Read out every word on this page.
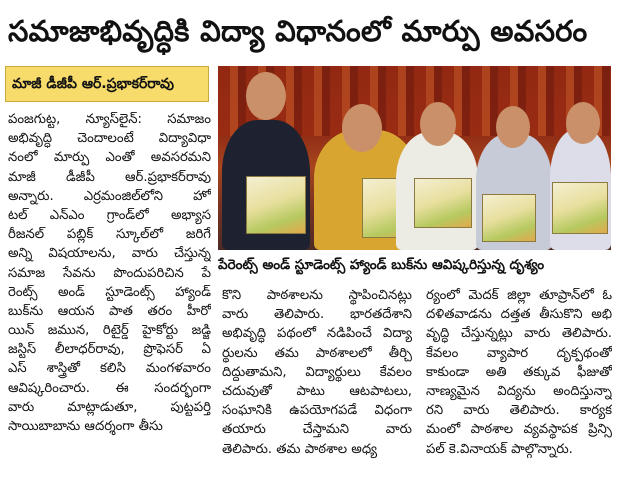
సమాజాభివృద్ధికి విద్యా విధానంలో మార్పు అవసరం
మాజీ డీజీపీ ఆర్.ప్రభాకర్‌రావు
పంజగుట్ట, న్యూస్‌లైన్: సమాజం
అభివృద్ధి చెందాలంటే విద్యావిధా
నంలో మార్పు ఎంతో అవసరమని
మాజీ డీజీపీ ఆర్.ప్రభాకర్‌రావు
అన్నారు. ఎర్రమంజిల్‌లోని హో
టల్ ఎన్‌ఎం గ్రాండ్‌లో అభ్యాస
రీజనల్ పబ్లిక్ స్కూల్‌లో జరిగే
అన్ని విషయాలను, వారు చేస్తున్న
సమాజ సేవను పొందుపరిచిన పే
రెంట్స్ అండ్ స్టూడెంట్స్ హ్యాండ్
బుక్‌ను ఆయన పాత తరం హీరో
యిన్ జమున, రిటైర్డ్ హైకోర్టు జడ్జి
జస్టిస్ లీలాధర్‌రావు, ప్రొఫెసర్ ఏ
ఎస్ శాస్త్రితో కలిసి మంగళవారం
ఆవిష్కరించారు. ఈ సందర్భంగా
వారు మాట్లాడుతూ, పుట్టపర్తి
సాయిబాబాను ఆదర్శంగా తీసు
పేరెంట్స్ అండ్ స్టూడెంట్స్ హ్యాండ్ బుక్‌ను ఆవిష్కరిస్తున్న దృశ్యం
కొని పాఠశాలను స్థాపించినట్లు
వారు తెలిపారు. భారతదేశాని
అభివృద్ధి పథంలో నడిపించే విద్యా
ర్థులను తమ పాఠశాలలో తీర్చి
దిద్దుతామని, విద్యార్థులు కేవలం
చదువుతో పాటు ఆటపాటలు,
సంఘానికి ఉపయోగపడే విధంగా
తయారు చేస్తామని వారు
తెలిపారు. తమ పాఠశాల అధ్య
ర్యంలో మెదక్ జిల్లా తూప్రాన్‌లో ఓ
దళితవాడను దత్తత తీసుకొని అభి
వృద్ధి చేస్తున్నట్లు వారు తెలిపారు.
కేవలం వ్యాపార దృక్పథంతో
కాకుండా అతి తక్కువ ఫీజుతో
నాణ్యమైన విద్యను అందిస్తున్నా
రని వారు తెలిపారు. కార్యక
మంలో పాఠశాల వ్యవస్థాపక ప్రిన్సి
పల్ కె.వినాయక్ పాల్గొన్నారు.
